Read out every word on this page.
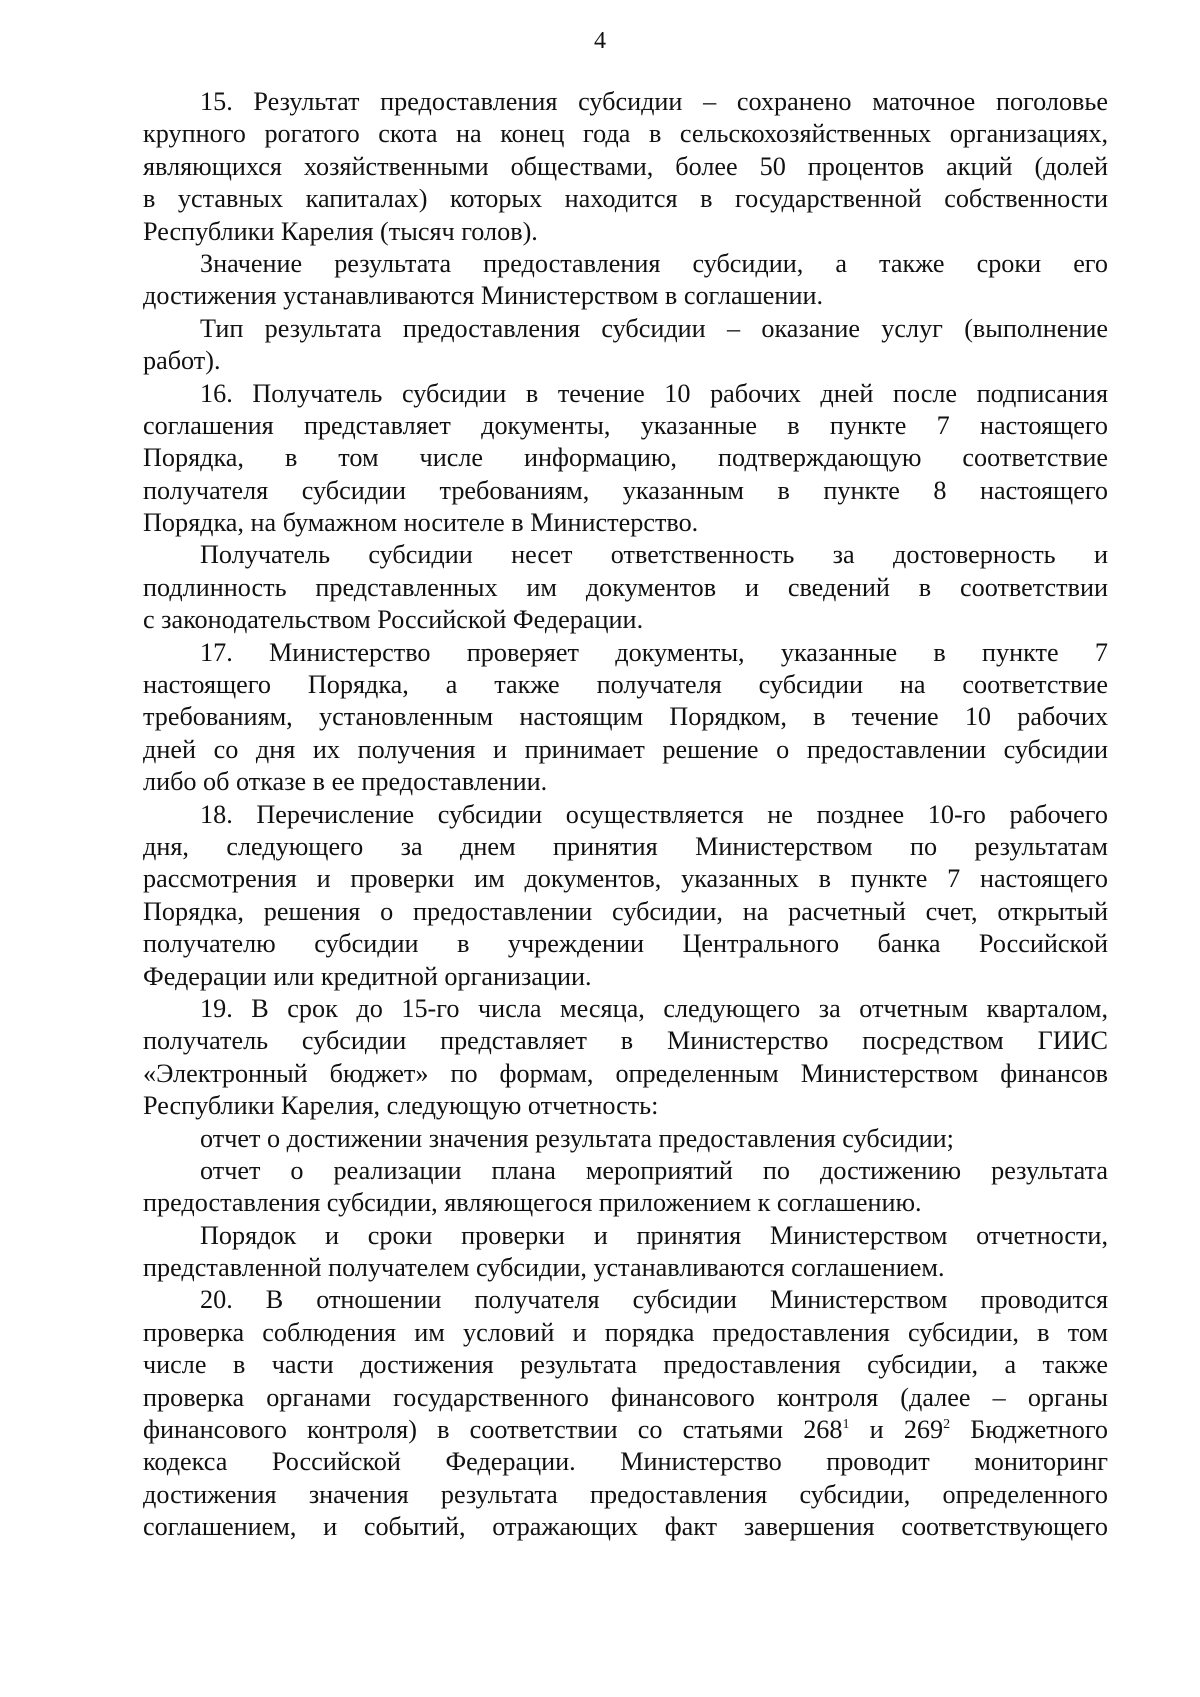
4

15. Результат предоставления субсидии – сохранено маточное поголовье
крупного рогатого скота на конец года в сельскохозяйственных организациях,
являющихся хозяйственными обществами, более 50 процентов акций (долей
в уставных капиталах) которых находится в государственной собственности
Республики Карелия (тысяч голов).

Значение результата предоставления субсидии, а также сроки его
достижения устанавливаются Министерством в соглашении.

Тип результата предоставления субсидии – оказание услуг (выполнение
работ).

16. Получатель субсидии в течение 10 рабочих дней после подписания
соглашения представляет документы, указанные в пункте 7 настоящего
Порядка, в том числе информацию, подтверждающую соответствие
получателя субсидии требованиям, указанным в пункте 8 настоящего
Порядка, на бумажном носителе в Министерство.

Получатель субсидии несет ответственность за достоверность и
подлинность представленных им документов и сведений в соответствии
с законодательством Российской Федерации.

17. Министерство проверяет документы, указанные в пункте 7
настоящего Порядка, а также получателя субсидии на соответствие
требованиям, установленным настоящим Порядком, в течение 10 рабочих
дней со дня их получения и принимает решение о предоставлении субсидии
либо об отказе в ее предоставлении.

18. Перечисление субсидии осуществляется не позднее 10-го рабочего
дня, следующего за днем принятия Министерством по результатам
рассмотрения и проверки им документов, указанных в пункте 7 настоящего
Порядка, решения о предоставлении субсидии, на расчетный счет, открытый
получателю субсидии в учреждении Центрального банка Российской
Федерации или кредитной организации.

19. В срок до 15-го числа месяца, следующего за отчетным кварталом,
получатель субсидии представляет в Министерство посредством ГИИС
«Электронный бюджет» по формам, определенным Министерством финансов
Республики Карелия, следующую отчетность:

отчет о достижении значения результата предоставления субсидии;

отчет о реализации плана мероприятий по достижению результата
предоставления субсидии, являющегося приложением к соглашению.

Порядок и сроки проверки и принятия Министерством отчетности,
представленной получателем субсидии, устанавливаются соглашением.

20. В отношении получателя субсидии Министерством проводится
проверка соблюдения им условий и порядка предоставления субсидии, в том
числе в части достижения результата предоставления субсидии, а также
проверка органами государственного финансового контроля (далее – органы
финансового контроля) в соответствии со статьями $268^1$ и $269^2$ Бюджетного
кодекса Российской Федерации. Министерство проводит мониторинг
достижения значения результата предоставления субсидии, определенного
соглашением, и событий, отражающих факт завершения соответствующего
